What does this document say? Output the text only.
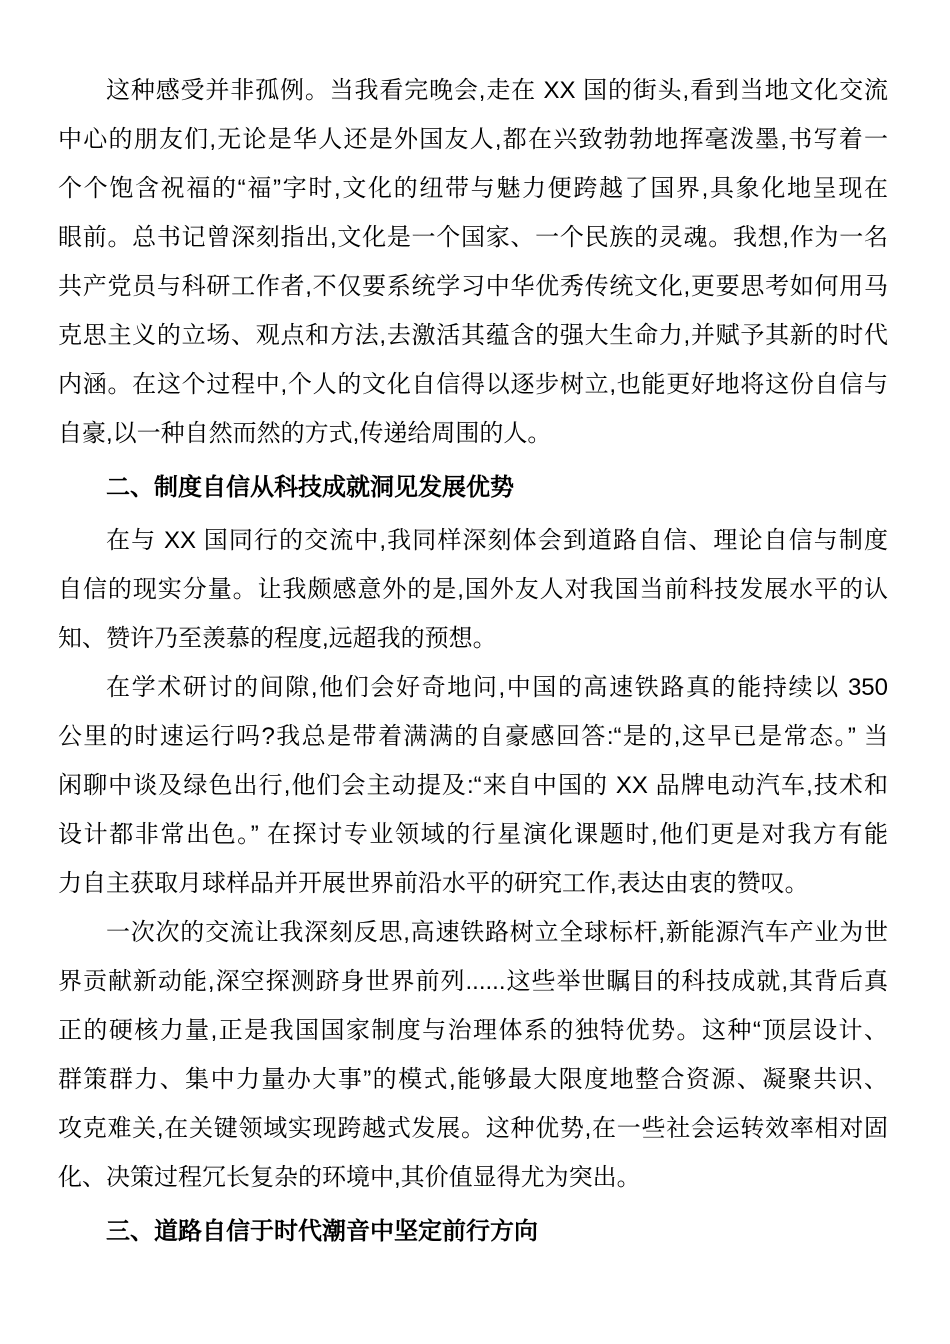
这种感受并非孤例。当我看完晚会,走在 XX 国的街头,看到当地文化交流
中心的朋友们,无论是华人还是外国友人,都在兴致勃勃地挥毫泼墨,书写着一
个个饱含祝福的“福”字时,文化的纽带与魅力便跨越了国界,具象化地呈现在
眼前。总书记曾深刻指出,文化是一个国家、一个民族的灵魂。我想,作为一名
共产党员与科研工作者,不仅要系统学习中华优秀传统文化,更要思考如何用马
克思主义的立场、观点和方法,去激活其蕴含的强大生命力,并赋予其新的时代
内涵。在这个过程中,个人的文化自信得以逐步树立,也能更好地将这份自信与
自豪,以一种自然而然的方式,传递给周围的人。
二、制度自信从科技成就洞见发展优势
在与 XX 国同行的交流中,我同样深刻体会到道路自信、理论自信与制度
自信的现实分量。让我颇感意外的是,国外友人对我国当前科技发展水平的认
知、赞许乃至羡慕的程度,远超我的预想。
在学术研讨的间隙,他们会好奇地问,中国的高速铁路真的能持续以 350
公里的时速运行吗?我总是带着满满的自豪感回答:“是的,这早已是常态。” 当
闲聊中谈及绿色出行,他们会主动提及:“来自中国的 XX 品牌电动汽车,技术和
设计都非常出色。” 在探讨专业领域的行星演化课题时,他们更是对我方有能
力自主获取月球样品并开展世界前沿水平的研究工作,表达由衷的赞叹。
一次次的交流让我深刻反思,高速铁路树立全球标杆,新能源汽车产业为世
界贡献新动能,深空探测跻身世界前列......这些举世瞩目的科技成就,其背后真
正的硬核力量,正是我国国家制度与治理体系的独特优势。这种“顶层设计、
群策群力、集中力量办大事”的模式,能够最大限度地整合资源、凝聚共识、
攻克难关,在关键领域实现跨越式发展。这种优势,在一些社会运转效率相对固
化、决策过程冗长复杂的环境中,其价值显得尤为突出。
三、道路自信于时代潮音中坚定前行方向
